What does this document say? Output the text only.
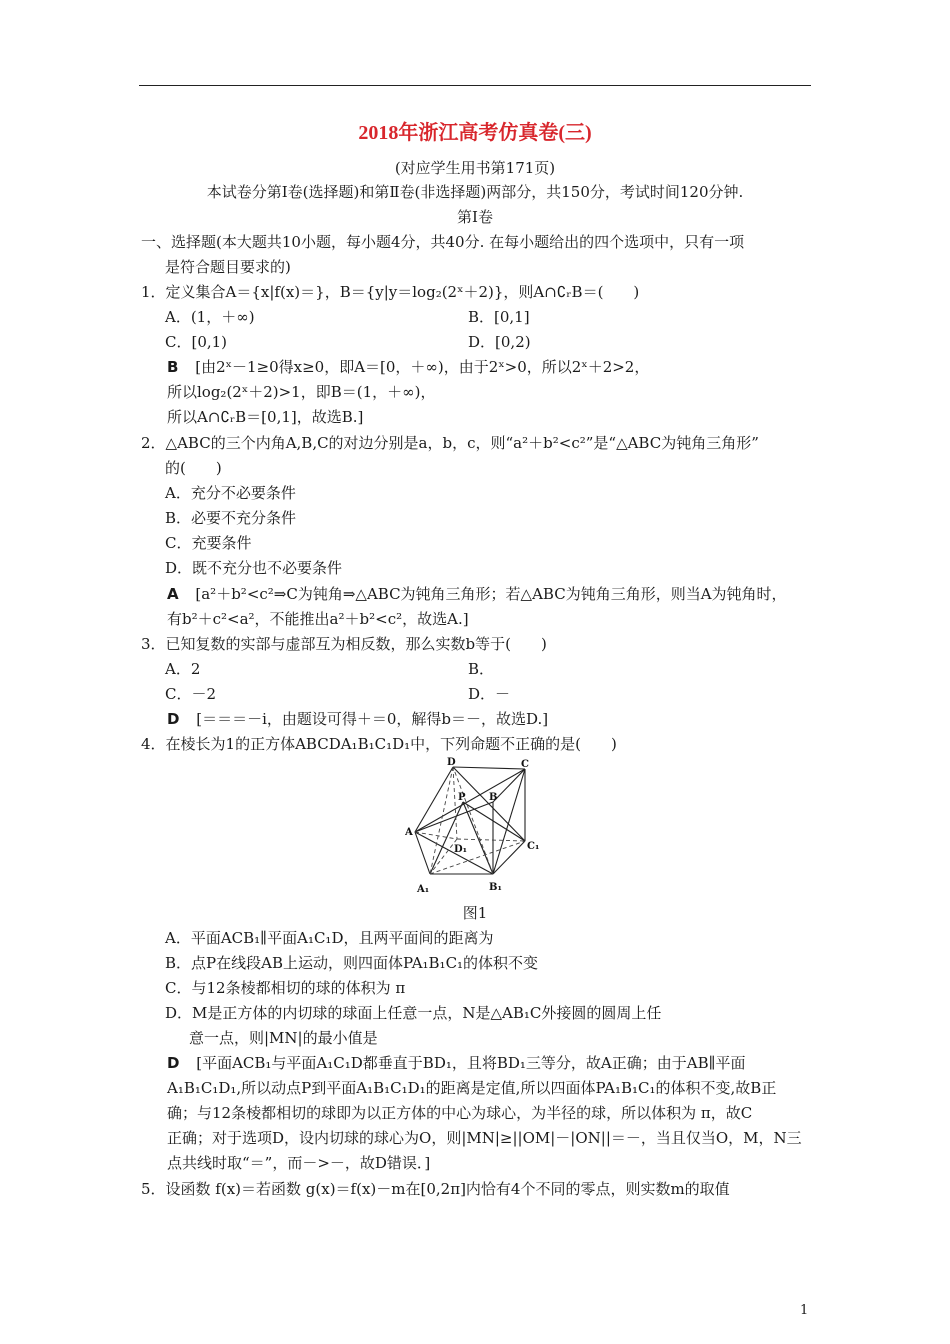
2018年浙江高考仿真卷(三)
(对应学生用书第171页)
本试卷分第Ⅰ卷(选择题)和第Ⅱ卷(非选择题)两部分，共150分，考试时间120分钟.
第Ⅰ卷
一、选择题(本大题共10小题，每小题4分，共40分. 在每小题给出的四个选项中，只有一项
是符合题目要求的)
1．定义集合A＝{x|f(x)＝}，B＝{y|y＝log₂(2ˣ＋2)}，则A∩∁ᵣB＝(　　)
A．(1，＋∞)	B．[0,1]
C．[0,1)	D．[0,2)
B [由2ˣ－1≥0得x≥0，即A＝[0，＋∞)，由于2ˣ>0，所以2ˣ＋2>2，
所以log₂(2ˣ＋2)>1，即B＝(1，＋∞)，
所以A∩∁ᵣB＝[0,1]，故选B.]
2．△ABC的三个内角A,B,C的对边分别是a，b，c，则“a²＋b²<c²”是“△ABC为钝角三角形”
的(　　)
A．充分不必要条件
B．必要不充分条件
C．充要条件
D．既不充分也不必要条件
A [a²＋b²<c²⇒C为钝角⇒△ABC为钝角三角形；若△ABC为钝角三角形，则当A为钝角时，
有b²＋c²<a²，不能推出a²＋b²<c²，故选A.]
3．已知复数的实部与虚部互为相反数，那么实数b等于(　　)
A．2	B．
C．－2	D．－
D [＝＝＝－i，由题设可得＋＝0，解得b＝－，故选D.]
4．在棱长为1的正方体ABCDA₁B₁C₁D₁中，下列命题不正确的是(　　)
D	C
A
P B
D₁	C₁
A₁	B₁
图1
A．平面ACB₁∥平面A₁C₁D，且两平面间的距离为
B．点P在线段AB上运动，则四面体PA₁B₁C₁的体积不变
C．与12条棱都相切的球的体积为 π
D．M是正方体的内切球的球面上任意一点，N是△AB₁C外接圆的圆周上任
意一点，则|MN|的最小值是
D [平面ACB₁与平面A₁C₁D都垂直于BD₁，且将BD₁三等分，故A正确；由于AB∥平面
A₁B₁C₁D₁,所以动点P到平面A₁B₁C₁D₁的距离是定值,所以四面体PA₁B₁C₁的体积不变,故B正
确；与12条棱都相切的球即为以正方体的中心为球心，为半径的球，所以体积为 π，故C
正确；对于选项D，设内切球的球心为O，则|MN|≥||OM|－|ON||＝－，当且仅当O，M，N三
点共线时取“＝”，而－>－，故D错误．]
5．设函数 f(x)＝若函数 g(x)＝f(x)－m在[0,2π]内恰有4个不同的零点，则实数m的取值
1
